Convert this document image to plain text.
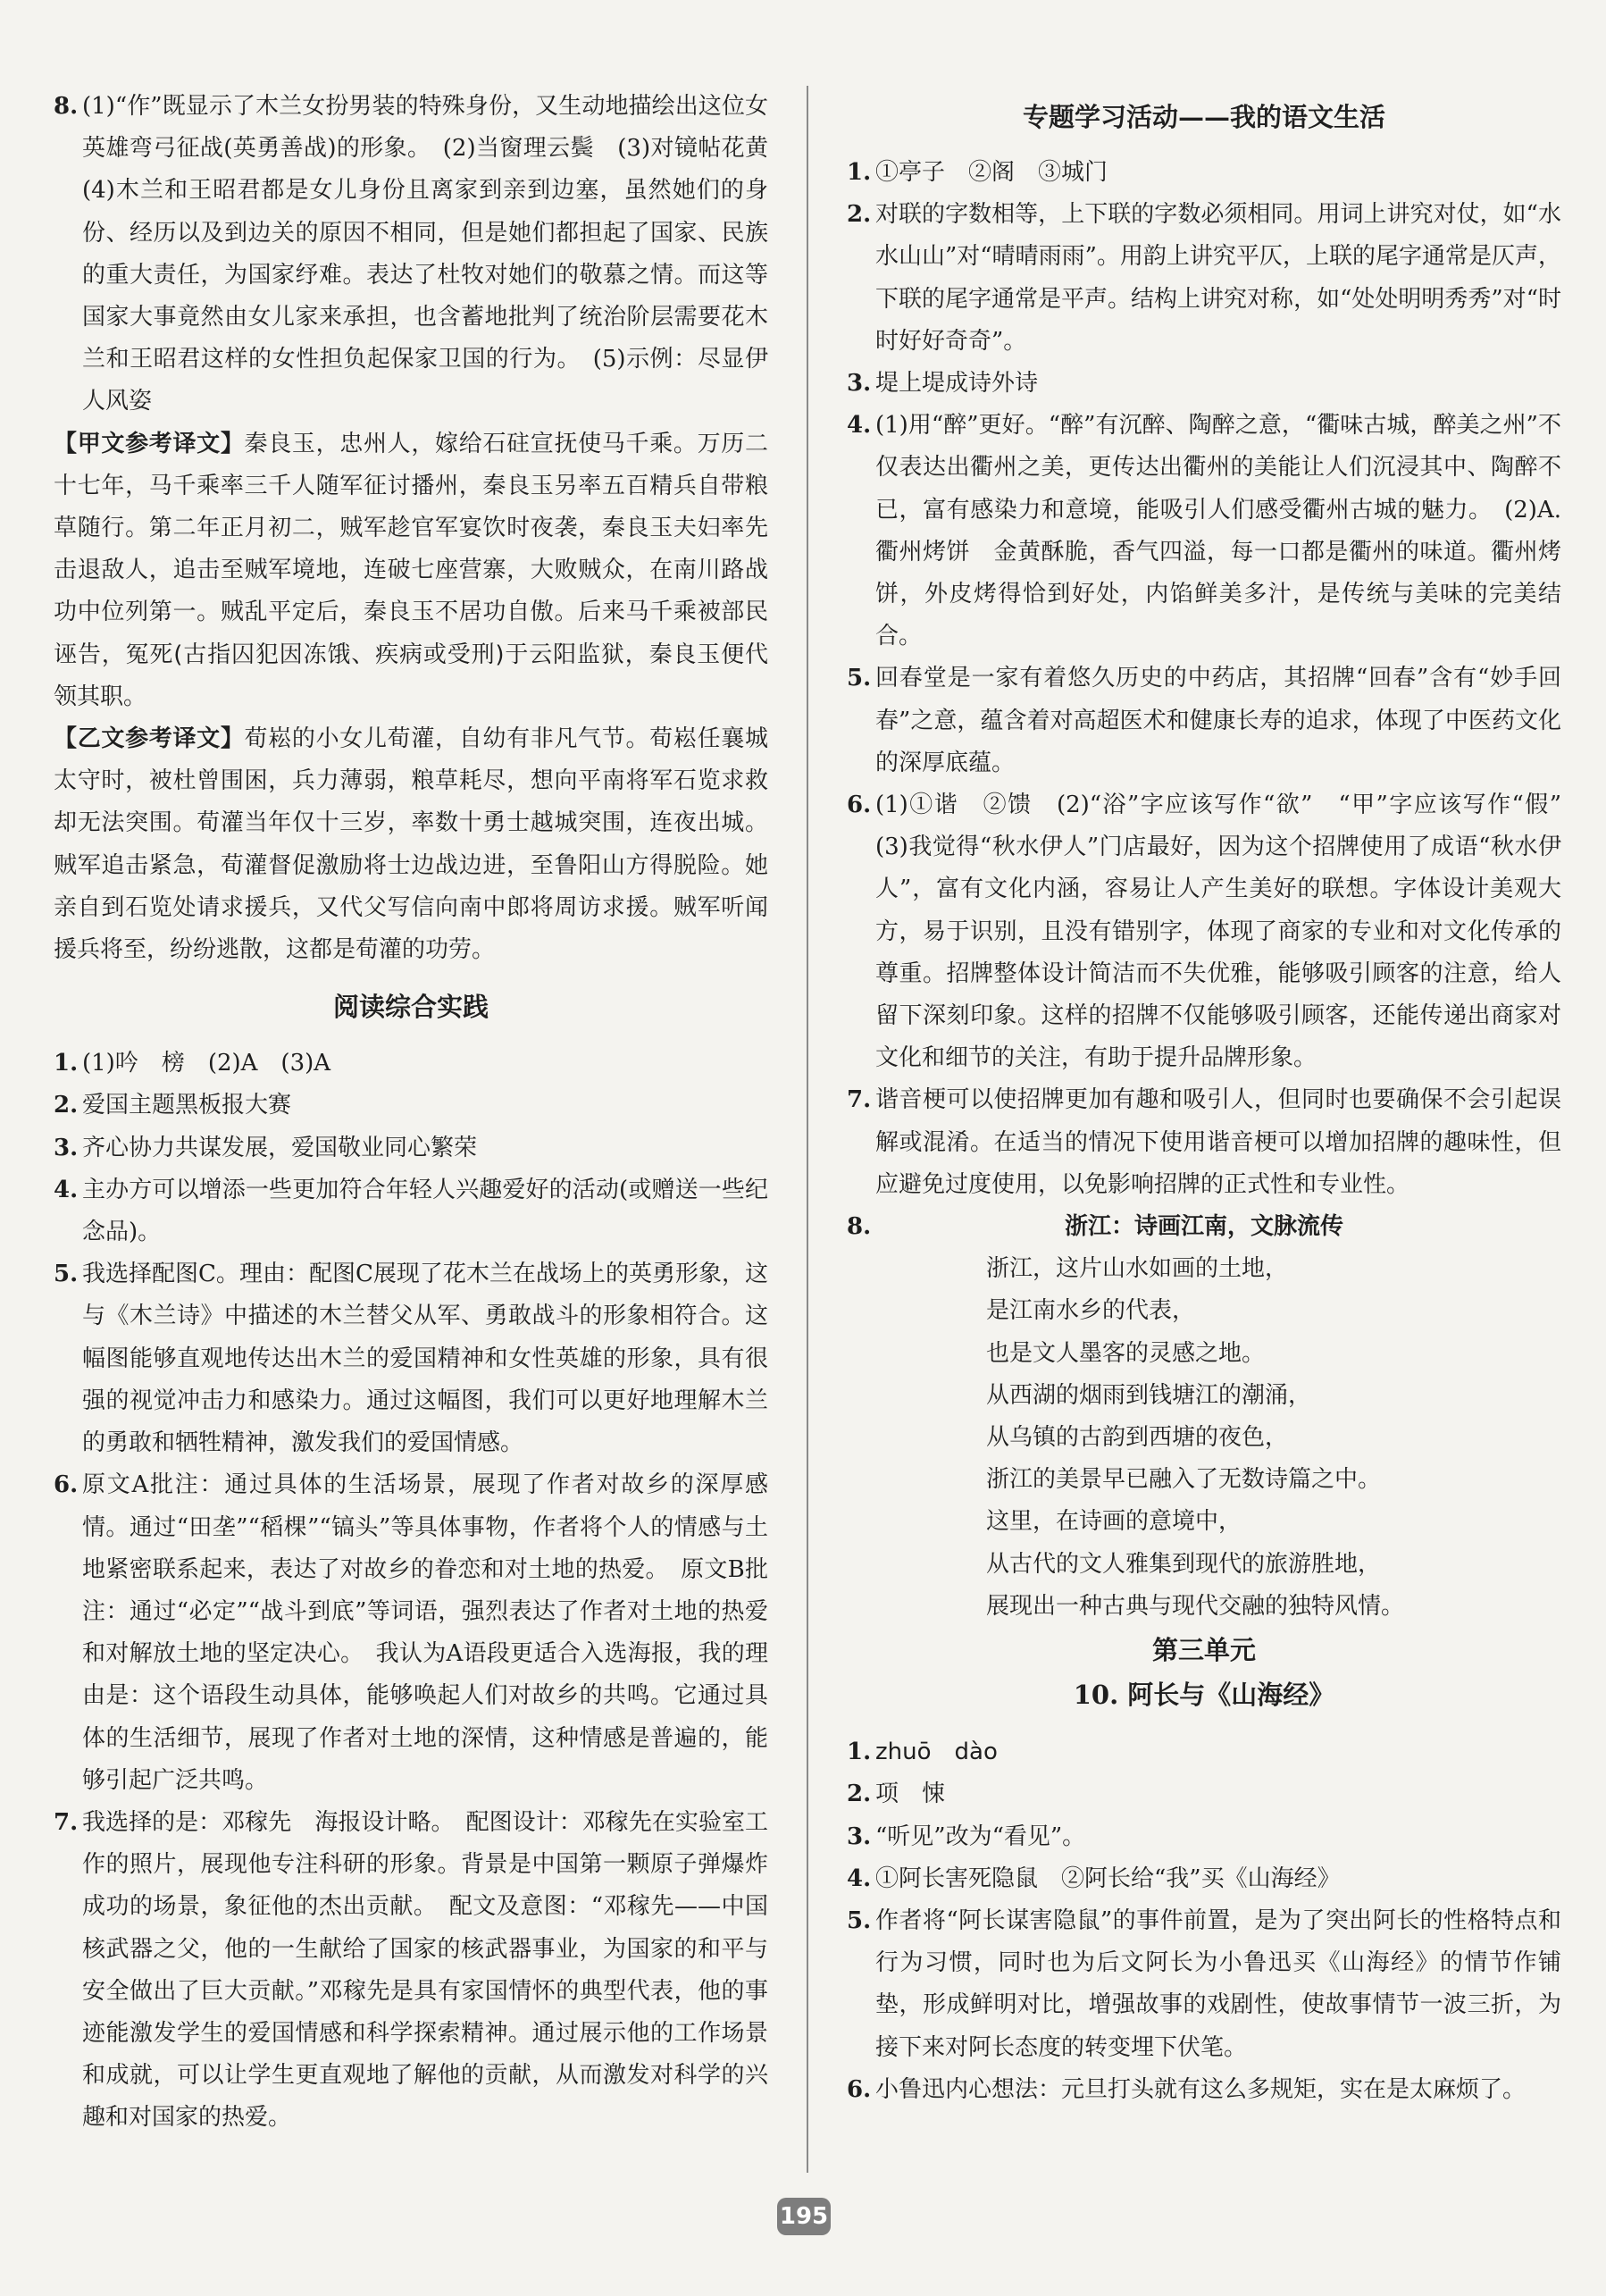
8. (1)“作”既显示了木兰女扮男装的特殊身份，又生动地描绘出这位女英雄弯弓征战(英勇善战)的形象。　(2)当窗理云鬓　(3)对镜帖花黄　(4)木兰和王昭君都是女儿身份且离家到亲到边塞，虽然她们的身份、经历以及到边关的原因不相同，但是她们都担起了国家、民族的重大责任，为国家纾难。表达了杜牧对她们的敬慕之情。而这等国家大事竟然由女儿家来承担，也含蓄地批判了统治阶层需要花木兰和王昭君这样的女性担负起保家卫国的行为。　(5)示例：尽显伊人风姿
【甲文参考译文】秦良玉，忠州人，嫁给石砫宣抚使马千乘。万历二十七年，马千乘率三千人随军征讨播州，秦良玉另率五百精兵自带粮草随行。第二年正月初二，贼军趁官军宴饮时夜袭，秦良玉夫妇率先击退敌人，追击至贼军境地，连破七座营寨，大败贼众，在南川路战功中位列第一。贼乱平定后，秦良玉不居功自傲。后来马千乘被部民诬告，冤死(古指囚犯因冻饿、疾病或受刑)于云阳监狱，秦良玉便代领其职。
【乙文参考译文】荀崧的小女儿荀灌，自幼有非凡气节。荀崧任襄城太守时，被杜曾围困，兵力薄弱，粮草耗尽，想向平南将军石览求救却无法突围。荀灌当年仅十三岁，率数十勇士越城突围，连夜出城。贼军追击紧急，荀灌督促激励将士边战边进，至鲁阳山方得脱险。她亲自到石览处请求援兵，又代父写信向南中郎将周访求援。贼军听闻援兵将至，纷纷逃散，这都是荀灌的功劳。
阅读综合实践
1. (1)吟　榜　(2)A　(3)A
2. 爱国主题黑板报大赛
3. 齐心协力共谋发展，爱国敬业同心繁荣
4. 主办方可以增添一些更加符合年轻人兴趣爱好的活动(或赠送一些纪念品)。
5. 我选择配图C。理由：配图C展现了花木兰在战场上的英勇形象，这与《木兰诗》中描述的木兰替父从军、勇敢战斗的形象相符合。这幅图能够直观地传达出木兰的爱国精神和女性英雄的形象，具有很强的视觉冲击力和感染力。通过这幅图，我们可以更好地理解木兰的勇敢和牺牲精神，激发我们的爱国情感。
6. 原文A批注：通过具体的生活场景，展现了作者对故乡的深厚感情。通过“田垄”“稻棵”“镐头”等具体事物，作者将个人的情感与土地紧密联系起来，表达了对故乡的眷恋和对土地的热爱。　原文B批注：通过“必定”“战斗到底”等词语，强烈表达了作者对土地的热爱和对解放土地的坚定决心。　我认为A语段更适合入选海报，我的理由是：这个语段生动具体，能够唤起人们对故乡的共鸣。它通过具体的生活细节，展现了作者对土地的深情，这种情感是普遍的，能够引起广泛共鸣。
7. 我选择的是：邓稼先　海报设计略。　配图设计：邓稼先在实验室工作的照片，展现他专注科研的形象。背景是中国第一颗原子弹爆炸成功的场景，象征他的杰出贡献。　配文及意图：“邓稼先——中国核武器之父，他的一生献给了国家的核武器事业，为国家的和平与安全做出了巨大贡献。”邓稼先是具有家国情怀的典型代表，他的事迹能激发学生的爱国情感和科学探索精神。通过展示他的工作场景和成就，可以让学生更直观地了解他的贡献，从而激发对科学的兴趣和对国家的热爱。
专题学习活动——我的语文生活
1. ①亭子　②阁　③城门
2. 对联的字数相等，上下联的字数必须相同。用词上讲究对仗，如“水水山山”对“晴晴雨雨”。用韵上讲究平仄，上联的尾字通常是仄声，下联的尾字通常是平声。结构上讲究对称，如“处处明明秀秀”对“时时好好奇奇”。
3. 堤上堤成诗外诗
4. (1)用“醉”更好。“醉”有沉醉、陶醉之意，“衢味古城，醉美之州”不仅表达出衢州之美，更传达出衢州的美能让人们沉浸其中、陶醉不已，富有感染力和意境，能吸引人们感受衢州古城的魅力。　(2)A. 衢州烤饼　金黄酥脆，香气四溢，每一口都是衢州的味道。衢州烤饼，外皮烤得恰到好处，内馅鲜美多汁，是传统与美味的完美结合。
5. 回春堂是一家有着悠久历史的中药店，其招牌“回春”含有“妙手回春”之意，蕴含着对高超医术和健康长寿的追求，体现了中医药文化的深厚底蕴。
6. (1)①谐　②馈　(2)“浴”字应该写作“欲”　“甲”字应该写作“假”　(3)我觉得“秋水伊人”门店最好，因为这个招牌使用了成语“秋水伊人”，富有文化内涵，容易让人产生美好的联想。字体设计美观大方，易于识别，且没有错别字，体现了商家的专业和对文化传承的尊重。招牌整体设计简洁而不失优雅，能够吸引顾客的注意，给人留下深刻印象。这样的招牌不仅能够吸引顾客，还能传递出商家对文化和细节的关注，有助于提升品牌形象。
7. 谐音梗可以使招牌更加有趣和吸引人，但同时也要确保不会引起误解或混淆。在适当的情况下使用谐音梗可以增加招牌的趣味性，但应避免过度使用，以免影响招牌的正式性和专业性。
8.	浙江：诗画江南，文脉流传
浙江，这片山水如画的土地，
是江南水乡的代表，
也是文人墨客的灵感之地。
从西湖的烟雨到钱塘江的潮涌，
从乌镇的古韵到西塘的夜色，
浙江的美景早已融入了无数诗篇之中。
这里，在诗画的意境中，
从古代的文人雅集到现代的旅游胜地，
展现出一种古典与现代交融的独特风情。
第三单元
10. 阿长与《山海经》
1. zhuō　dào
2. 项　悚
3. “听见”改为“看见”。
4. ①阿长害死隐鼠　②阿长给“我”买《山海经》
5. 作者将“阿长谋害隐鼠”的事件前置，是为了突出阿长的性格特点和行为习惯，同时也为后文阿长为小鲁迅买《山海经》的情节作铺垫，形成鲜明对比，增强故事的戏剧性，使故事情节一波三折，为接下来对阿长态度的转变埋下伏笔。
6. 小鲁迅内心想法：元旦打头就有这么多规矩，实在是太麻烦了。
195
